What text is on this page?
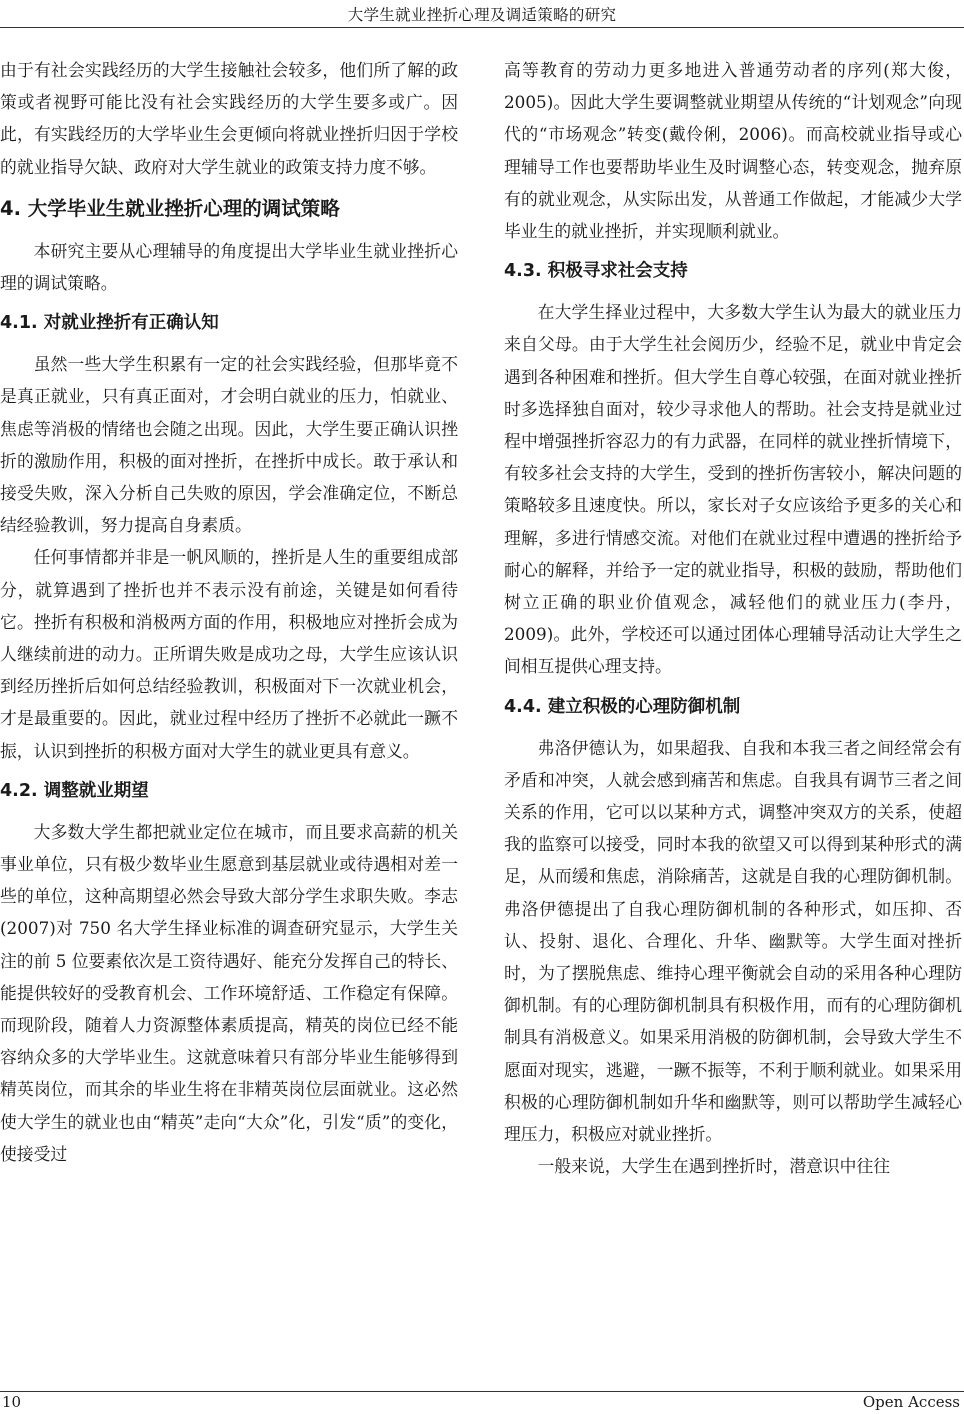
大学生就业挫折心理及调适策略的研究

由于有社会实践经历的大学生接触社会较多，他们所了解的政策或者视野可能比没有社会实践经历的大学生要多或广。因此，有实践经历的大学毕业生会更倾向将就业挫折归因于学校的就业指导欠缺、政府对大学生就业的政策支持力度不够。

4. 大学毕业生就业挫折心理的调试策略

本研究主要从心理辅导的角度提出大学毕业生就业挫折心理的调试策略。

4.1. 对就业挫折有正确认知

虽然一些大学生积累有一定的社会实践经验，但那毕竟不是真正就业，只有真正面对，才会明白就业的压力，怕就业、焦虑等消极的情绪也会随之出现。因此，大学生要正确认识挫折的激励作用，积极的面对挫折，在挫折中成长。敢于承认和接受失败，深入分析自己失败的原因，学会准确定位，不断总结经验教训，努力提高自身素质。

任何事情都并非是一帆风顺的，挫折是人生的重要组成部分，就算遇到了挫折也并不表示没有前途，关键是如何看待它。挫折有积极和消极两方面的作用，积极地应对挫折会成为人继续前进的动力。正所谓失败是成功之母，大学生应该认识到经历挫折后如何总结经验教训，积极面对下一次就业机会，才是最重要的。因此，就业过程中经历了挫折不必就此一蹶不振，认识到挫折的积极方面对大学生的就业更具有意义。

4.2. 调整就业期望

大多数大学生都把就业定位在城市，而且要求高薪的机关事业单位，只有极少数毕业生愿意到基层就业或待遇相对差一些的单位，这种高期望必然会导致大部分学生求职失败。李志(2007)对 750 名大学生择业标准的调查研究显示，大学生关注的前 5 位要素依次是工资待遇好、能充分发挥自己的特长、能提供较好的受教育机会、工作环境舒适、工作稳定有保障。而现阶段，随着人力资源整体素质提高，精英的岗位已经不能容纳众多的大学毕业生。这就意味着只有部分毕业生能够得到精英岗位，而其余的毕业生将在非精英岗位层面就业。这必然使大学生的就业也由“精英”走向“大众”化，引发“质”的变化，使接受过

高等教育的劳动力更多地进入普通劳动者的序列(郑大俊，2005)。因此大学生要调整就业期望从传统的“计划观念”向现代的“市场观念”转变(戴伶俐，2006)。而高校就业指导或心理辅导工作也要帮助毕业生及时调整心态，转变观念，抛弃原有的就业观念，从实际出发，从普通工作做起，才能减少大学毕业生的就业挫折，并实现顺利就业。

4.3. 积极寻求社会支持

在大学生择业过程中，大多数大学生认为最大的就业压力来自父母。由于大学生社会阅历少，经验不足，就业中肯定会遇到各种困难和挫折。但大学生自尊心较强，在面对就业挫折时多选择独自面对，较少寻求他人的帮助。社会支持是就业过程中增强挫折容忍力的有力武器，在同样的就业挫折情境下，有较多社会支持的大学生，受到的挫折伤害较小，解决问题的策略较多且速度快。所以，家长对子女应该给予更多的关心和理解，多进行情感交流。对他们在就业过程中遭遇的挫折给予耐心的解释，并给予一定的就业指导，积极的鼓励，帮助他们树立正确的职业价值观念，减轻他们的就业压力(李丹，2009)。此外，学校还可以通过团体心理辅导活动让大学生之间相互提供心理支持。

4.4. 建立积极的心理防御机制

弗洛伊德认为，如果超我、自我和本我三者之间经常会有矛盾和冲突，人就会感到痛苦和焦虑。自我具有调节三者之间关系的作用，它可以以某种方式，调整冲突双方的关系，使超我的监察可以接受，同时本我的欲望又可以得到某种形式的满足，从而缓和焦虑，消除痛苦，这就是自我的心理防御机制。弗洛伊德提出了自我心理防御机制的各种形式，如压抑、否认、投射、退化、合理化、升华、幽默等。大学生面对挫折时，为了摆脱焦虑、维持心理平衡就会自动的采用各种心理防御机制。有的心理防御机制具有积极作用，而有的心理防御机制具有消极意义。如果采用消极的防御机制，会导致大学生不愿面对现实，逃避，一蹶不振等，不利于顺利就业。如果采用积极的心理防御机制如升华和幽默等，则可以帮助学生减轻心理压力，积极应对就业挫折。

一般来说，大学生在遇到挫折时，潜意识中往往

10	Open Access
